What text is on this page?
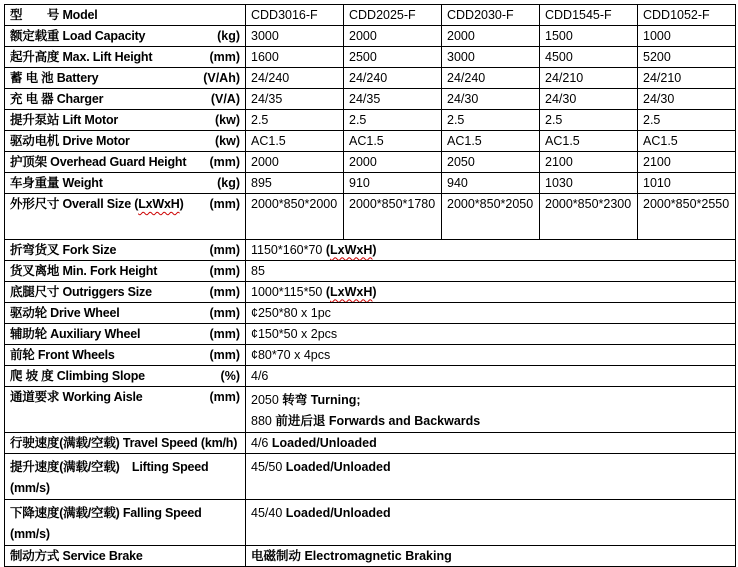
型　　号 Model	CDD3016-F	CDD2025-F	CDD2030-F	CDD1545-F	CDD1052-F

额定载重 Load Capacity (kg)	3000	2000	2000	1500	1000

起升高度 Max. Lift Height (mm)	1600	2500	3000	4500	5200

蓄 电 池 Battery (V/Ah)	24/240	24/240	24/240	24/210	24/210

充 电 器 Charger (V/A)	24/35	24/35	24/30	24/30	24/30

提升泵站 Lift Motor (kw)	2.5	2.5	2.5	2.5	2.5

驱动电机 Drive Motor (kw)	AC1.5	AC1.5	AC1.5	AC1.5	AC1.5

护顶架 Overhead Guard Height (mm)	2000	2000	2050	2100	2100

车身重量 Weight (kg)	895	910	940	1030	1010

外形尺寸 Overall Size (LxWxH) (mm)	2000*850*2000	2000*850*1780	2000*850*2050	2000*850*2300	2000*850*2550

折弯货叉 Fork Size (mm)	1150*160*70 (LxWxH)				

货叉离地 Min. Fork Height (mm)	85				

底腿尺寸 Outriggers Size (mm)	1000*115*50 (LxWxH)				

驱动轮 Drive Wheel (mm)	¢250*80 x 1pc				

辅助轮 Auxiliary Wheel (mm)	¢150*50 x 2pcs				

前轮 Front Wheels (mm)	¢80*70 x 4pcs				

爬 坡 度 Climbing Slope (%)	4/6				

通道要求 Working Aisle	(mm)	2050 转弯 Turning;
880 前进后退 Forwards and Backwards

行驶速度(满载/空载) Travel Speed (km/h)	4/6 Loaded/Unloaded				

提升速度(满载/空载)　Lifting Speed
(mm/s)	45/50 Loaded/Unloaded				

下降速度(满载/空载) Falling Speed
(mm/s)	45/40 Loaded/Unloaded				

制动方式 Service Brake	电磁制动 Electromagnetic Braking				
